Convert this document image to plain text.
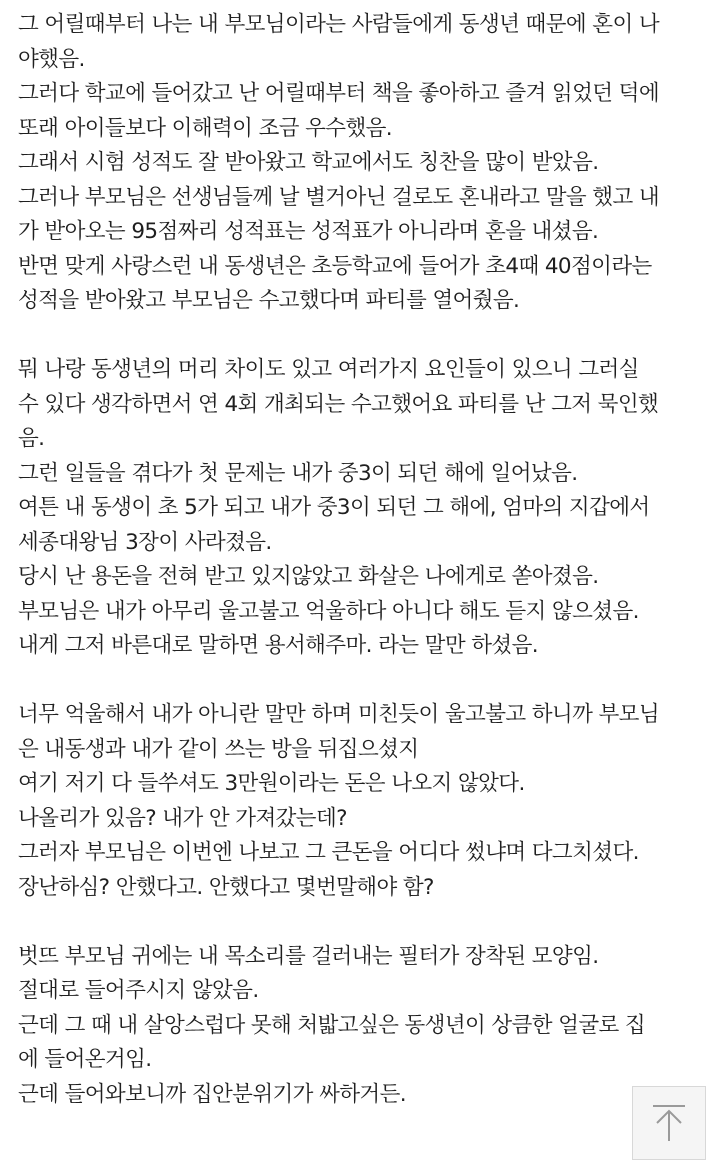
그 어릴때부터 나는 내 부모님이라는 사람들에게 동생년 때문에 혼이 나
야했음.
그러다 학교에 들어갔고 난 어릴때부터 책을 좋아하고 즐겨 읽었던 덕에
또래 아이들보다 이해력이 조금 우수했음.
그래서 시험 성적도 잘 받아왔고 학교에서도 칭찬을 많이 받았음.
그러나 부모님은 선생님들께 날 별거아닌 걸로도 혼내라고 말을 했고 내
가 받아오는 95점짜리 성적표는 성적표가 아니라며 혼을 내셨음.
반면 맞게 사랑스런 내 동생년은 초등학교에 들어가 초4때 40점이라는
성적을 받아왔고 부모님은 수고했다며 파티를 열어줬음.
뭐 나랑 동생년의 머리 차이도 있고 여러가지 요인들이 있으니 그러실
수 있다 생각하면서 연 4회 개최되는 수고했어요 파티를 난 그저 묵인했
음.
그런 일들을 겪다가 첫 문제는 내가 중3이 되던 해에 일어났음.
여튼 내 동생이 초 5가 되고 내가 중3이 되던 그 해에, 엄마의 지갑에서
세종대왕님 3장이 사라졌음.
당시 난 용돈을 전혀 받고 있지않았고 화살은 나에게로 쏟아졌음.
부모님은 내가 아무리 울고불고 억울하다 아니다 해도 듣지 않으셨음.
내게 그저 바른대로 말하면 용서해주마. 라는 말만 하셨음.
너무 억울해서 내가 아니란 말만 하며 미친듯이 울고불고 하니까 부모님
은 내동생과 내가 같이 쓰는 방을 뒤집으셨지
여기 저기 다 들쑤셔도 3만원이라는 돈은 나오지 않았다.
나올리가 있음? 내가 안 가져갔는데?
그러자 부모님은 이번엔 나보고 그 큰돈을 어디다 썼냐며 다그치셨다.
장난하심? 안했다고. 안했다고 몇번말해야 함?
벗뜨 부모님 귀에는 내 목소리를 걸러내는 필터가 장착된 모양임.
절대로 들어주시지 않았음.
근데 그 때 내 살앙스럽다 못해 처밟고싶은 동생년이 상큼한 얼굴로 집
에 들어온거임.
근데 들어와보니까 집안분위기가 싸하거든.
